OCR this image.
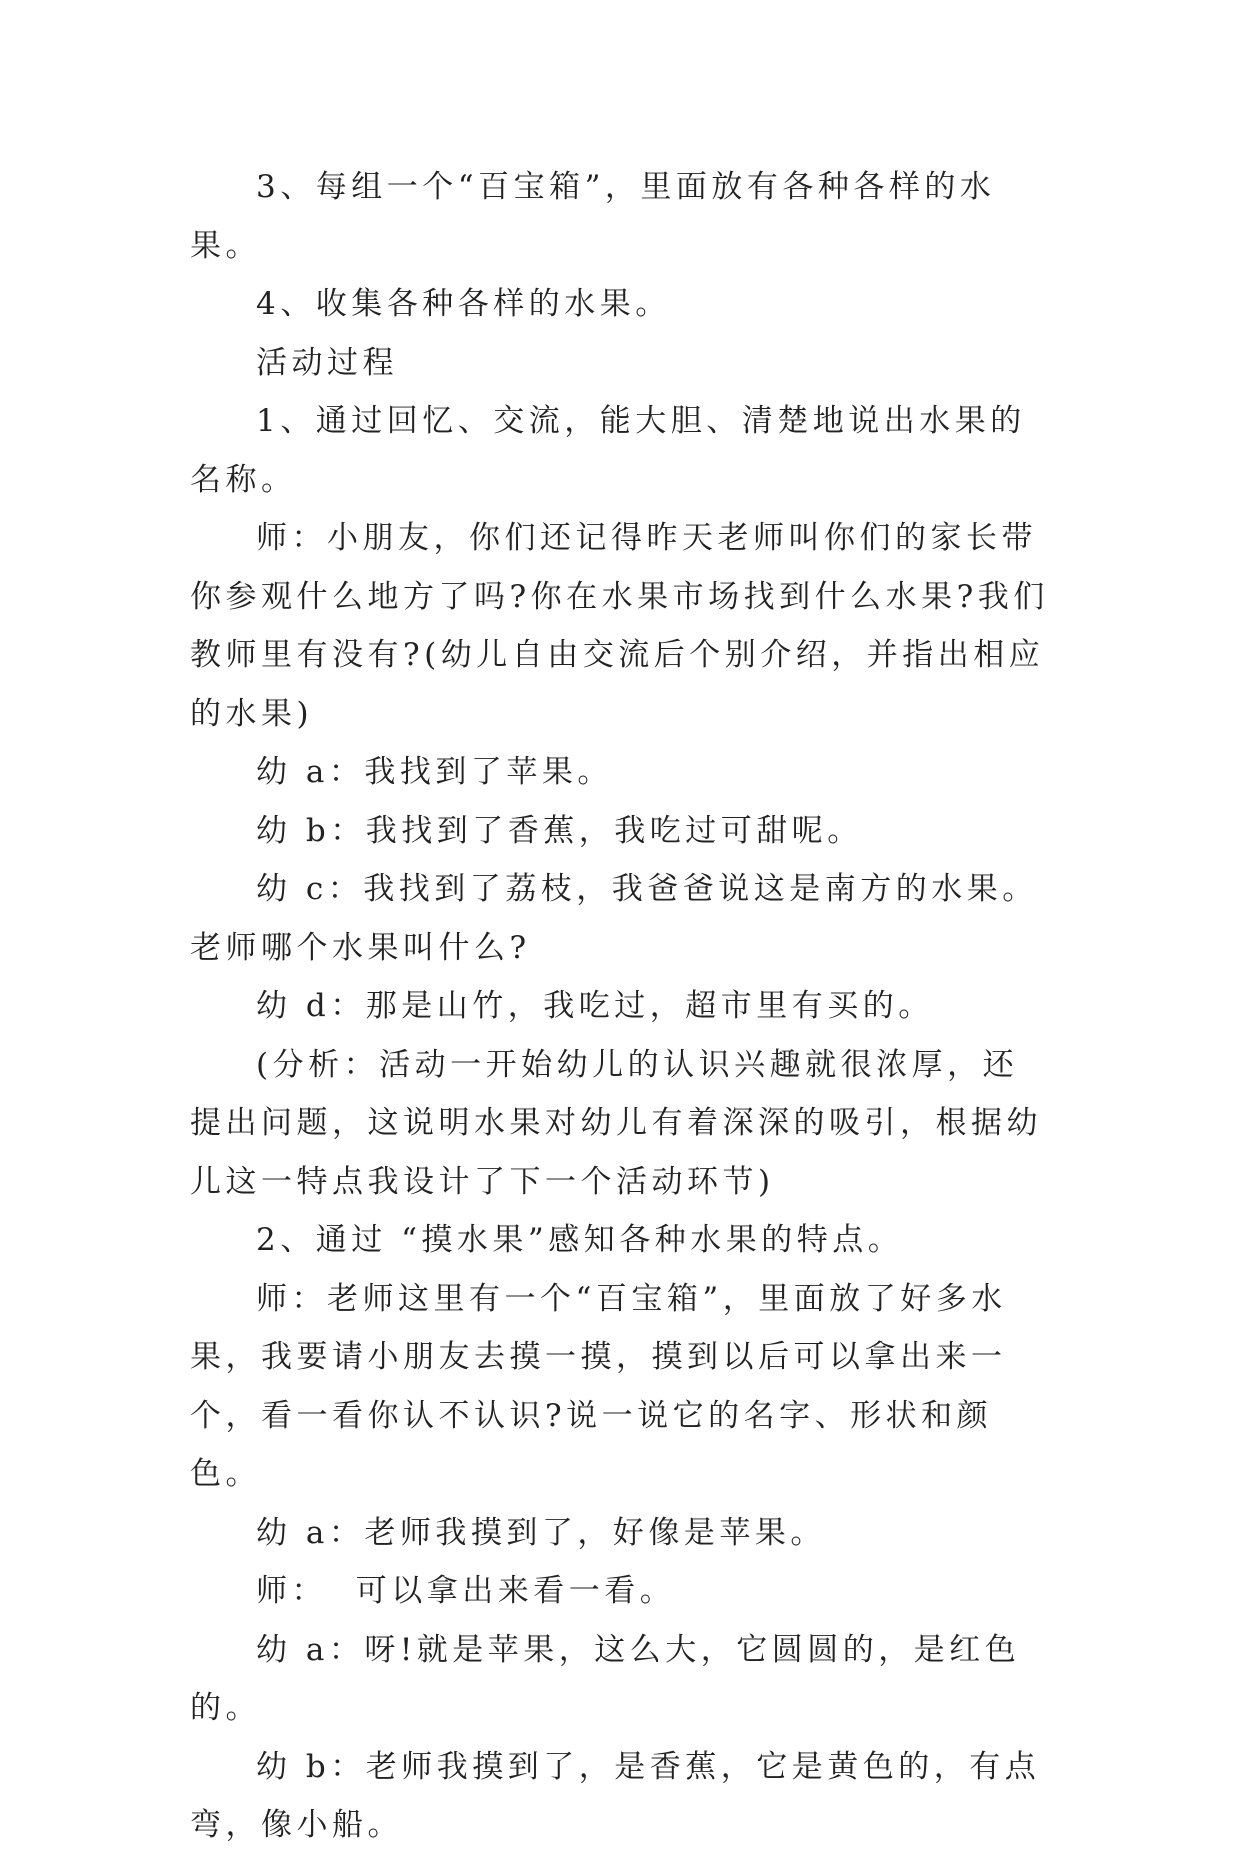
3、每组一个“百宝箱”，里面放有各种各样的水果。

4、收集各种各样的水果。

活动过程

1、通过回忆、交流，能大胆、清楚地说出水果的名称。

师：小朋友，你们还记得昨天老师叫你们的家长带你参观什么地方了吗?你在水果市场找到什么水果?我们教师里有没有?(幼儿自由交流后个别介绍，并指出相应的水果)

幼 a：我找到了苹果。

幼 b：我找到了香蕉，我吃过可甜呢。

幼 c：我找到了荔枝，我爸爸说这是南方的水果。老师哪个水果叫什么?

幼 d：那是山竹，我吃过，超市里有买的。

(分析：活动一开始幼儿的认识兴趣就很浓厚，还提出问题，这说明水果对幼儿有着深深的吸引，根据幼儿这一特点我设计了下一个活动环节)

2、通过 “摸水果”感知各种水果的特点。

师：老师这里有一个“百宝箱”，里面放了好多水果，我要请小朋友去摸一摸，摸到以后可以拿出来一个，看一看你认不认识?说一说它的名字、形状和颜色。

幼 a：老师我摸到了，好像是苹果。

师：  可以拿出来看一看。

幼 a：呀!就是苹果，这么大，它圆圆的，是红色的。

幼 b：老师我摸到了，是香蕉，它是黄色的，有点弯，像小船。
